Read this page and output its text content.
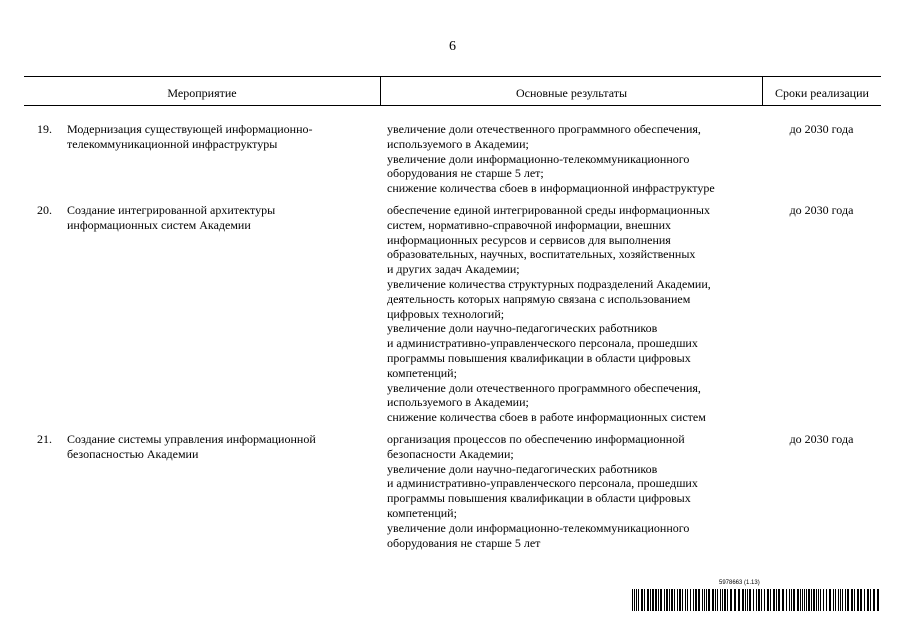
6
Мероприятие	Основные результаты	Сроки реализации
19. Модернизация существующей информационно-
телекоммуникационной инфраструктуры
увеличение доли отечественного программного обеспечения,
используемого в Академии;
увеличение доли информационно-телекоммуникационного
оборудования не старше 5 лет;
снижение количества сбоев в информационной инфраструктуре
до 2030 года
20. Создание интегрированной архитектуры
информационных систем Академии
обеспечение единой интегрированной среды информационных
систем, нормативно-справочной информации, внешних
информационных ресурсов и сервисов для выполнения
образовательных, научных, воспитательных, хозяйственных
и других задач Академии;
увеличение количества структурных подразделений Академии,
деятельность которых напрямую связана с использованием
цифровых технологий;
увеличение доли научно-педагогических работников
и административно-управленческого персонала, прошедших
программы повышения квалификации в области цифровых
компетенций;
увеличение доли отечественного программного обеспечения,
используемого в Академии;
снижение количества сбоев в работе информационных систем
до 2030 года
21. Создание системы управления информационной
безопасностью Академии
организация процессов по обеспечению информационной
безопасности Академии;
увеличение доли научно-педагогических работников
и административно-управленческого персонала, прошедших
программы повышения квалификации в области цифровых
компетенций;
увеличение доли информационно-телекоммуникационного
оборудования не старше 5 лет
до 2030 года
5978663 (1.13)
